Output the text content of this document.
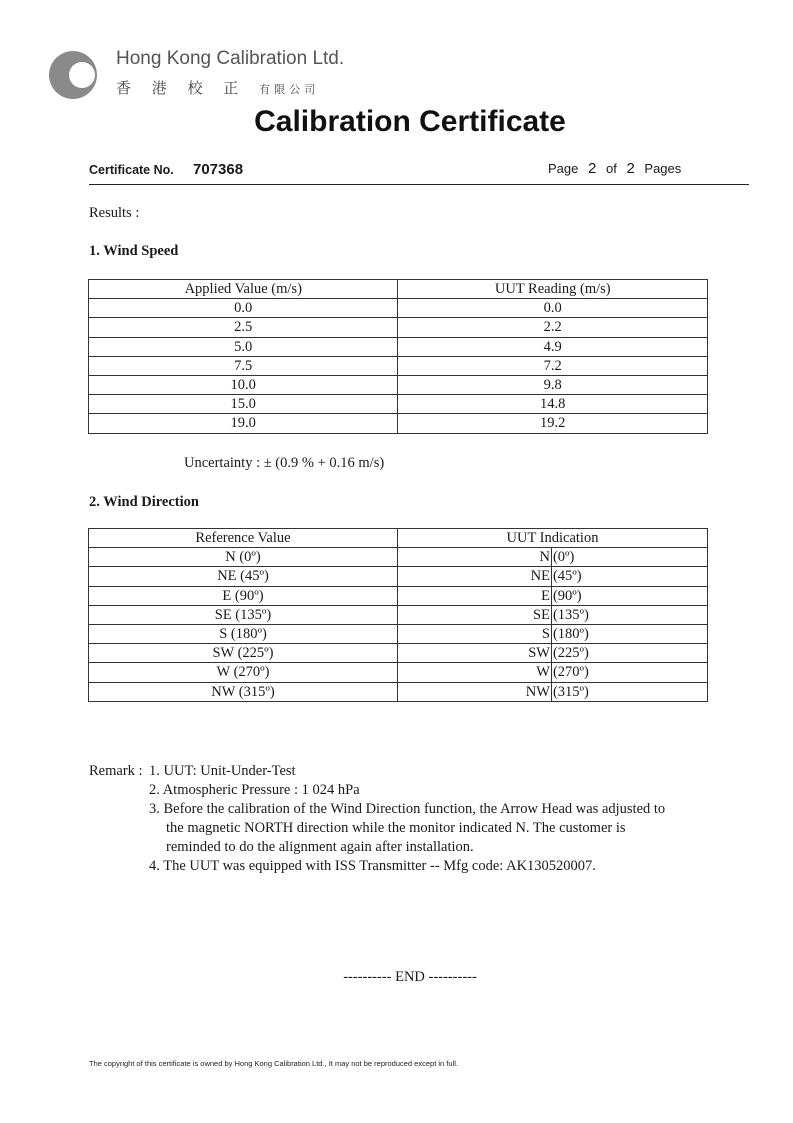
Hong Kong Calibration Ltd.
香 港 校 正 有限公司
Calibration Certificate
Certificate No. 707368	Page 2 of 2 Pages
Results :
1. Wind Speed
Applied Value (m/s)	UUT Reading (m/s)
0.0	0.0
2.5	2.2
5.0	4.9
7.5	7.2
10.0	9.8
15.0	14.8
19.0	19.2
Uncertainty : ± (0.9 % + 0.16 m/s)
2. Wind Direction
Reference Value	UUT Indication	
N (0º)	N	(0º)
NE (45º)	NE	(45º)
E (90º)	E	(90º)
SE (135º)	SE	(135º)
S (180º)	S	(180º)
SW (225º)	SW	(225º)
W (270º)	W	(270º)
NW (315º)	NW	(315º)
Remark : 1. UUT: Unit-Under-Test
2. Atmospheric Pressure : 1 024 hPa
3. Before the calibration of the Wind Direction function, the Arrow Head was adjusted to
the magnetic NORTH direction while the monitor indicated N. The customer is
reminded to do the alignment again after installation.
4. The UUT was equipped with ISS Transmitter -- Mfg code: AK130520007.
---------- END ----------
The copyright of this certificate is owned by Hong Kong Calibration Ltd., It may not be reproduced except in full.
